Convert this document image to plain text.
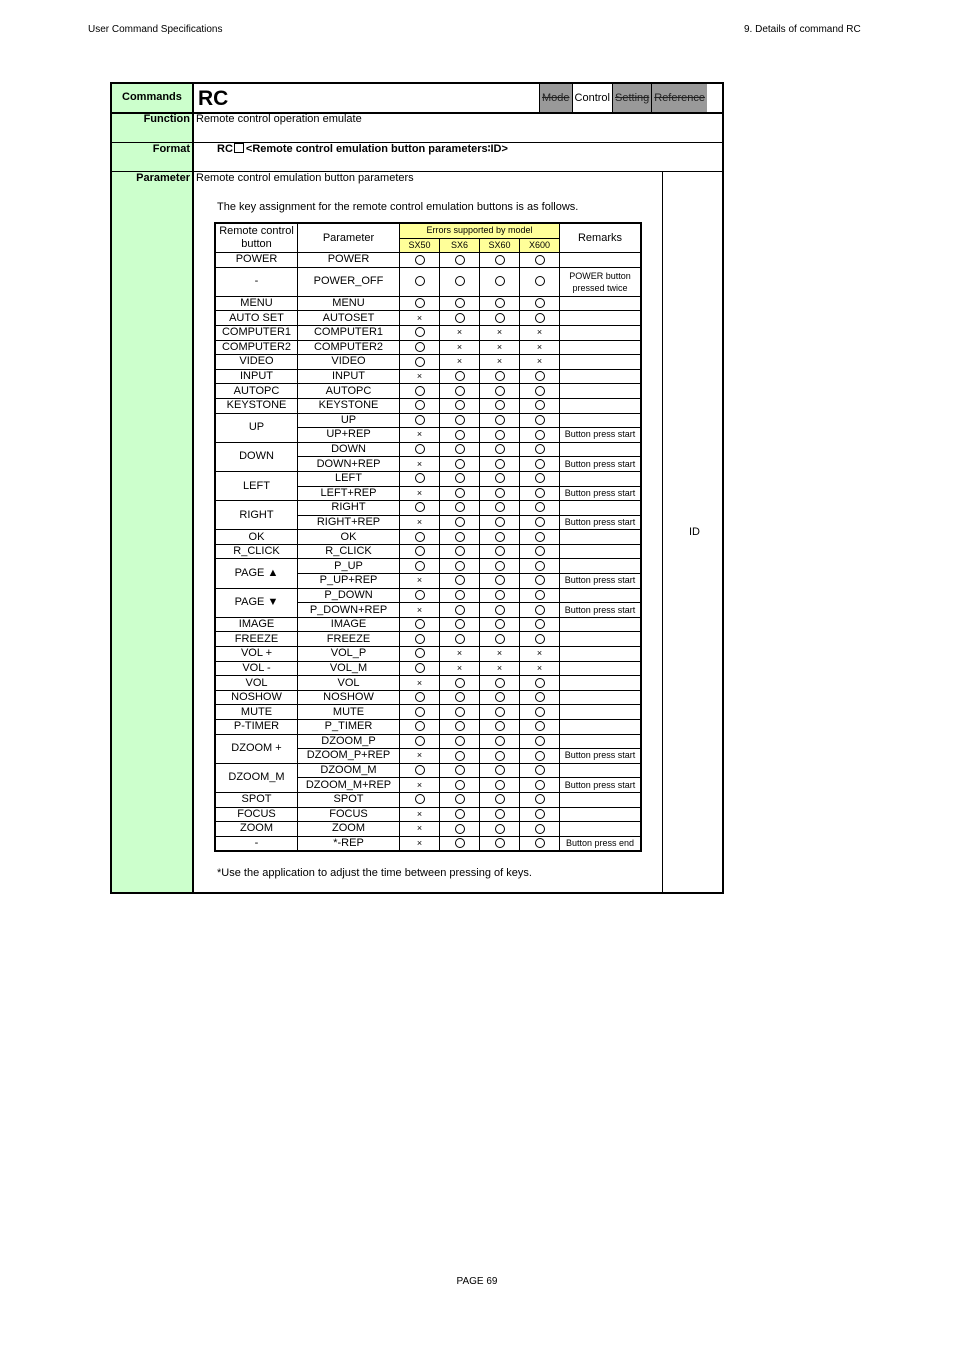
User Command Specifications	9. Details of command RC
Commands
Function
Format
Parameter
RC	Mode Control Setting Reference
Remote control operation emulate
RC <Remote control emulation button parameters∶ID>
Remote control emulation button parameters
The key assignment for the remote control emulation buttons is as follows.
ID
Remote control button	Parameter	Errors supported by model				Remarks
		SX50	SX6	SX60	X600	
POWER	POWER					
-	POWER_OFF					POWER button pressed twice
MENU	MENU					
AUTO SET	AUTOSET	×				
COMPUTER1	COMPUTER1		×	×	×	
COMPUTER2	COMPUTER2		×	×	×	
VIDEO	VIDEO		×	×	×	
INPUT	INPUT	×				
AUTOPC	AUTOPC					
KEYSTONE	KEYSTONE					
UP	UP					
	UP+REP	×				Button press start
DOWN	DOWN					
	DOWN+REP	×				Button press start
LEFT	LEFT					
	LEFT+REP	×				Button press start
RIGHT	RIGHT					
	RIGHT+REP	×				Button press start
OK	OK					
R_CLICK	R_CLICK					
PAGE ▲	P_UP					
	P_UP+REP	×				Button press start
PAGE ▼	P_DOWN					
	P_DOWN+REP	×				Button press start
IMAGE	IMAGE					
FREEZE	FREEZE					
VOL +	VOL_P		×	×	×	
VOL -	VOL_M		×	×	×	
VOL	VOL	×				
NOSHOW	NOSHOW					
MUTE	MUTE					
P-TIMER	P_TIMER					
DZOOM +	DZOOM_P					
	DZOOM_P+REP	×				Button press start
DZOOM_M	DZOOM_M					
	DZOOM_M+REP	×				Button press start
SPOT	SPOT					
FOCUS	FOCUS	×				
ZOOM	ZOOM	×				
-	*-REP	×				Button press end
*Use the application to adjust the time between pressing of keys.
PAGE 69
